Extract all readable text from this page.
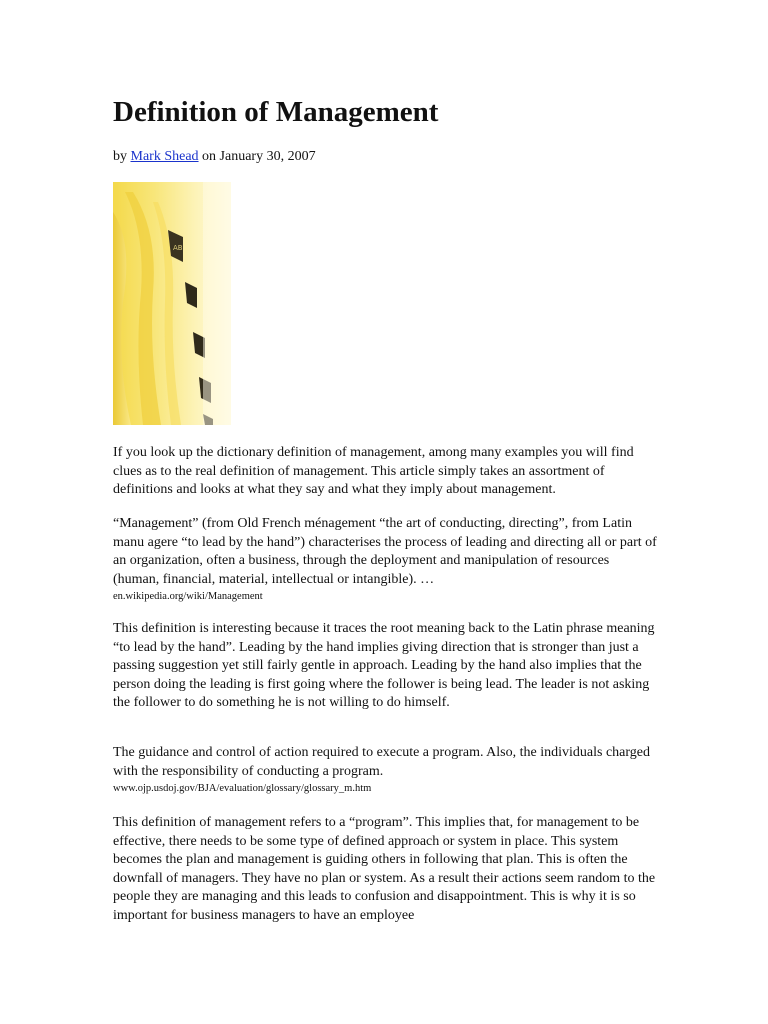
Definition of Management
by Mark Shead on January 30, 2007
AB

If you look up the dictionary definition of management, among many examples you will find clues as to the real definition of management. This article simply takes an assortment of definitions and looks at what they say and what they imply about management.

“Management” (from Old French ménagement “the art of conducting, directing”, from Latin manu agere “to lead by the hand”) characterises the process of leading and directing all or part of an organization, often a business, through the deployment and manipulation of resources (human, financial, material, intellectual or intangible). …
en.wikipedia.org/wiki/Management

This definition is interesting because it traces the root meaning back to the Latin phrase meaning “to lead by the hand”. Leading by the hand implies giving direction that is stronger than just a passing suggestion yet still fairly gentle in approach. Leading by the hand also implies that the person doing the leading is first going where the follower is being lead. The leader is not asking the follower to do something he is not willing to do himself.

The guidance and control of action required to execute a program. Also, the individuals charged with the responsibility of conducting a program.
www.ojp.usdoj.gov/BJA/evaluation/glossary/glossary_m.htm

This definition of management refers to a “program”. This implies that, for management to be effective, there needs to be some type of defined approach or system in place. This system becomes the plan and management is guiding others in following that plan. This is often the downfall of managers. They have no plan or system. As a result their actions seem random to the people they are managing and this leads to confusion and disappointment. This is why it is so important for business managers to have an employee
